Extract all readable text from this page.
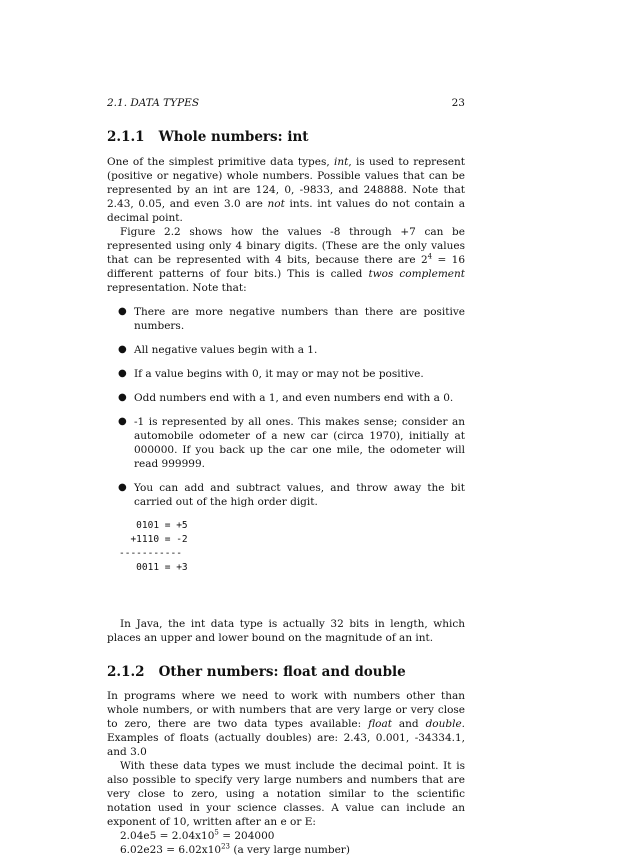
2.1. DATA TYPES	23
2.1.1 Whole numbers: int

One of the simplest primitive data types, int, is used to represent (positive or negative) whole numbers. Possible values that can be represented by an int are 124, 0, -9833, and 248888. Note that 2.43, 0.05, and even 3.0 are not ints. int values do not contain a decimal point.

Figure 2.2 shows how the values -8 through +7 can be represented using only 4 binary digits. (These are the only values that can be represented with 4 bits, because there are $2^4 = 16$ different patterns of four bits.) This is called twos complement representation. Note that:

● There are more negative numbers than there are positive numbers.
● All negative values begin with a 1.
● If a value begins with 0, it may or may not be positive.
● Odd numbers end with a 1, and even numbers end with a 0.
● -1 is represented by all ones. This makes sense; consider an automobile odometer of a new car (circa 1970), initially at 000000. If you back up the car one mile, the odometer will read 999999.
● You can add and subtract values, and throw away the bit carried out of the high order digit.
0101 = +5
+1110 = -2
-----------
0011 = +3

In Java, the int data type is actually 32 bits in length, which places an upper and lower bound on the magnitude of an int.

2.1.2 Other numbers: float and double

In programs where we need to work with numbers other than whole numbers, or with numbers that are very large or very close to zero, there are two data types available: float and double. Examples of floats (actually doubles) are: 2.43, 0.001, -34334.1, and 3.0

With these data types we must include the decimal point. It is also possible to specify very large numbers and numbers that are very close to zero, using a notation similar to the scientific notation used in your science classes. A value can include an exponent of 10, written after an e or E:

$2.04e5 = 2.04x10^5 = 204000$

$6.02e23 = 6.02x10^{23}$ (a very large number)
